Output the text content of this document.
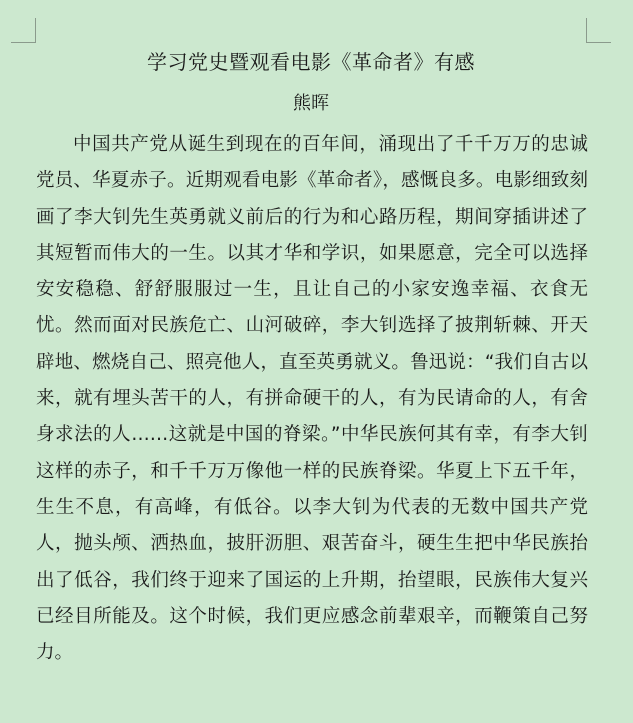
学习党史暨观看电影《革命者》有感
熊晖

中国共产党从诞生到现在的百年间，涌现出了千千万万的忠诚党员、华夏赤子。近期观看电影《革命者》，感慨良多。电影细致刻画了李大钊先生英勇就义前后的行为和心路历程，期间穿插讲述了其短暂而伟大的一生。以其才华和学识，如果愿意，完全可以选择安安稳稳、舒舒服服过一生，且让自己的小家安逸幸福、衣食无忧。然而面对民族危亡、山河破碎，李大钊选择了披荆斩棘、开天辟地、燃烧自己、照亮他人，直至英勇就义。鲁迅说：“我们自古以来，就有埋头苦干的人，有拼命硬干的人，有为民请命的人，有舍身求法的人……这就是中国的脊梁。”中华民族何其有幸，有李大钊这样的赤子，和千千万万像他一样的民族脊梁。华夏上下五千年，生生不息，有高峰，有低谷。以李大钊为代表的无数中国共产党人，抛头颅、洒热血，披肝沥胆、艰苦奋斗，硬生生把中华民族抬出了低谷，我们终于迎来了国运的上升期，抬望眼，民族伟大复兴已经目所能及。这个时候，我们更应感念前辈艰辛，而鞭策自己努力。
